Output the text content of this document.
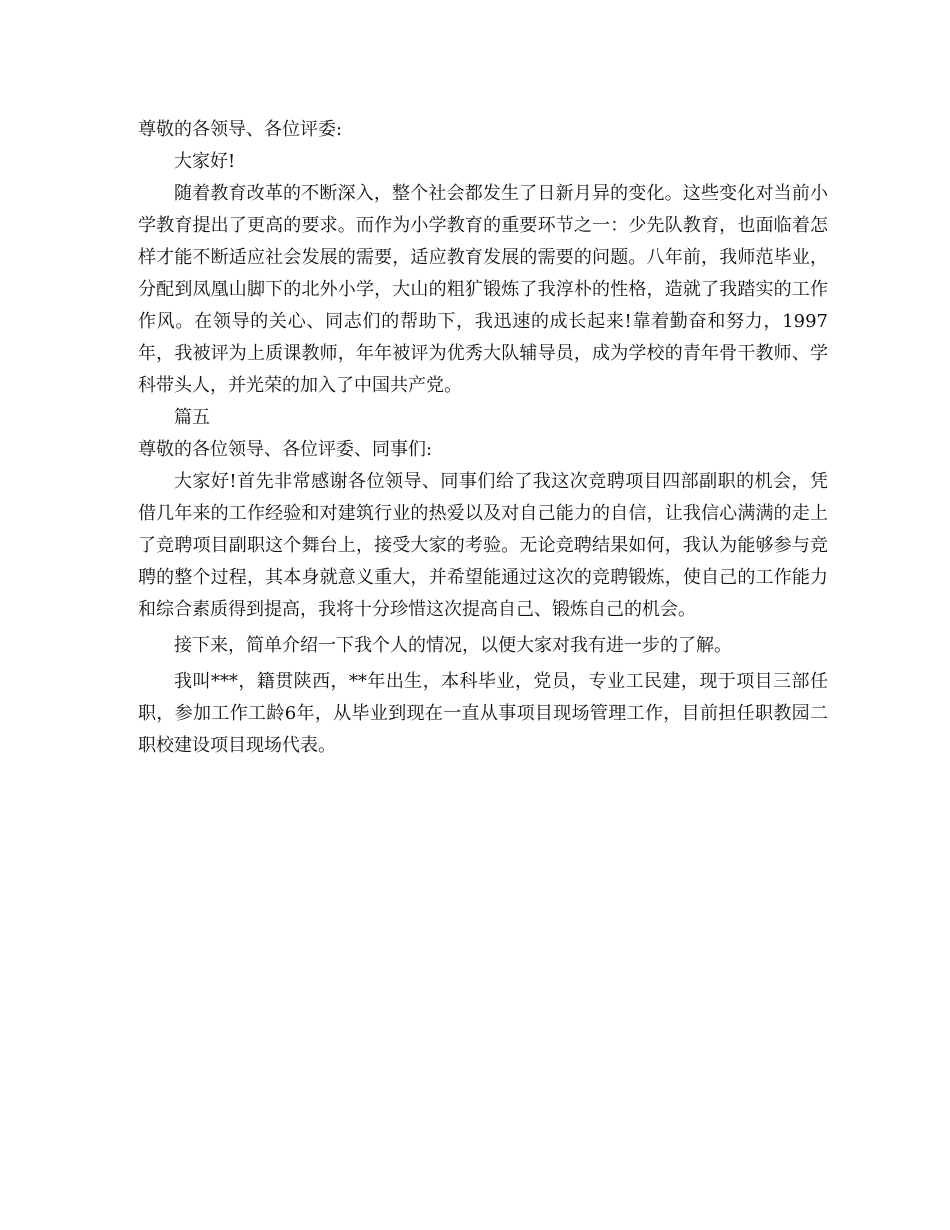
尊敬的各领导、各位评委:

大家好!

随着教育改革的不断深入，整个社会都发生了日新月异的变化。这些变化对当前小学教育提出了更高的要求。而作为小学教育的重要环节之一：少先队教育，也面临着怎样才能不断适应社会发展的需要，适应教育发展的需要的问题。八年前，我师范毕业，分配到凤凰山脚下的北外小学，大山的粗犷锻炼了我淳朴的性格，造就了我踏实的工作作风。在领导的关心、同志们的帮助下，我迅速的成长起来!靠着勤奋和努力，1997年，我被评为上质课教师，年年被评为优秀大队辅导员，成为学校的青年骨干教师、学科带头人，并光荣的加入了中国共产党。

篇五

尊敬的各位领导、各位评委、同事们:

大家好!首先非常感谢各位领导、同事们给了我这次竞聘项目四部副职的机会，凭借几年来的工作经验和对建筑行业的热爱以及对自己能力的自信，让我信心满满的走上了竞聘项目副职这个舞台上，接受大家的考验。无论竞聘结果如何，我认为能够参与竞聘的整个过程，其本身就意义重大，并希望能通过这次的竞聘锻炼，使自己的工作能力和综合素质得到提高，我将十分珍惜这次提高自己、锻炼自己的机会。

接下来，简单介绍一下我个人的情况，以便大家对我有进一步的了解。

我叫***，籍贯陕西，**年出生，本科毕业，党员，专业工民建，现于项目三部任职，参加工作工龄6年，从毕业到现在一直从事项目现场管理工作，目前担任职教园二职校建设项目现场代表。
